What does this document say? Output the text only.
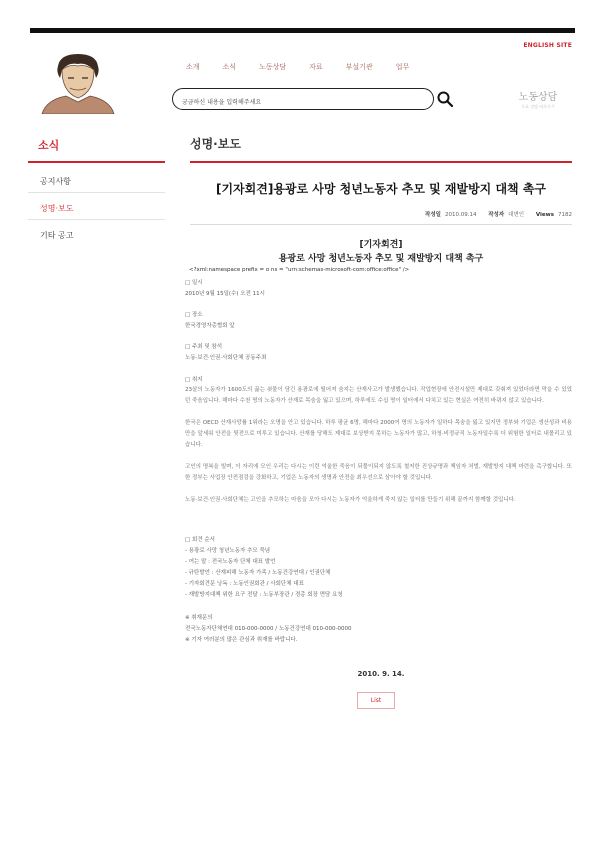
ENGLISH SITE
소개	소식	노동상담	자료	부설기관	업무
궁금하신 내용을 입력해주세요
노동상담
무료 상담 바로가기
소식
공지사항
성명·보도
기타 공고
성명·보도
[기자회견]용광로 사망 청년노동자 추모 및 재발방지 대책 촉구
작성일 2010.09.14 작성자 대변인 Views 7182
[기자회견]
용광로 사망 청년노동자 추모 및 재발방지 대책 촉구
<?xml:namespace prefix = o ns = "urn:schemas-microsoft-com:office:office" />
□ 일시
2010년 9월 15일(수) 오전 11시
□ 장소
한국경영자총협회 앞
□ 주최 및 참석
노동·보건·인권·사회단체 공동주최
□ 취지
23살의 노동자가 1600도의 끓는 쇳물이 담긴 용광로에 떨어져 숨지는 산재사고가 발생했습니다. 작업현장에 안전시설만 제대로 갖춰져 있었더라면 막을 수 있었던 죽음입니다. 해마다 수천 명의 노동자가 산재로 목숨을 잃고 있으며, 하루에도 수십 명이 일터에서 다치고 있는 현실은 여전히 바뀌지 않고 있습니다.
한국은 OECD 산재사망률 1위라는 오명을 안고 있습니다. 하루 평균 6명, 해마다 2000여 명의 노동자가 일하다 목숨을 잃고 있지만 정부와 기업은 생산성과 비용만을 앞세워 안전을 뒷전으로 미루고 있습니다. 산재를 당해도 제대로 보상받지 못하는 노동자가 많고, 하청·비정규직 노동자일수록 더 위험한 일터로 내몰리고 있습니다.
고인의 명복을 빌며, 이 자리에 모인 우리는 다시는 이런 억울한 죽음이 되풀이되지 않도록 철저한 진상규명과 책임자 처벌, 재발방지 대책 마련을 촉구합니다. 또한 정부는 사업장 안전점검을 강화하고, 기업은 노동자의 생명과 안전을 최우선으로 삼아야 할 것입니다.
노동·보건·인권·사회단체는 고인을 추모하는 마음을 모아 다시는 노동자가 억울하게 죽지 않는 일터를 만들기 위해 끝까지 함께할 것입니다.
□ 회견 순서
- 용광로 사망 청년노동자 추모 묵념
- 여는 말 : 전국노동자 단체 대표 발언
- 규탄발언 : 산재피해 노동자 가족 / 노동건강연대 / 인권단체
- 기자회견문 낭독 : 노동인권회관 / 사회단체 대표
- 재발방지대책 위한 요구 전달 : 노동부장관 / 경총 회장 면담 요청
※ 취재문의
전국노동자단체연대 010-000-0000 / 노동건강연대 010-000-0000
※ 기자 여러분의 많은 관심과 취재를 바랍니다.
2010. 9. 14.
List
